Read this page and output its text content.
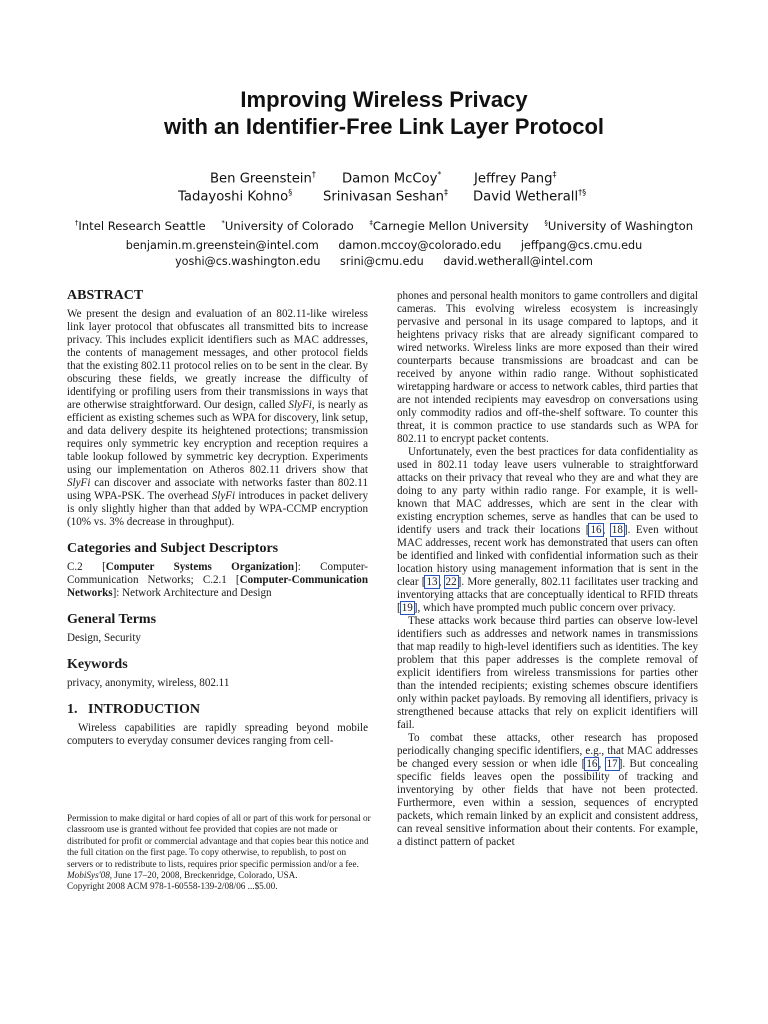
Improving Wireless Privacy
with an Identifier-Free Link Layer Protocol
Ben Greenstein† Damon McCoy* Jeffrey Pang‡
Tadayoshi Kohno§ Srinivasan Seshan‡ David Wetherall†§
†Intel Research Seattle *University of Colorado ‡Carnegie Mellon University §University of Washington
benjamin.m.greenstein@intel.com damon.mccoy@colorado.edu jeffpang@cs.cmu.edu
yoshi@cs.washington.edu srini@cmu.edu david.wetherall@intel.com
ABSTRACT

We present the design and evaluation of an 802.11-like wireless link layer protocol that obfuscates all transmitted bits to increase privacy. This includes explicit identifiers such as MAC addresses, the contents of management messages, and other protocol fields that the existing 802.11 protocol relies on to be sent in the clear. By obscuring these fields, we greatly increase the difficulty of identifying or profiling users from their transmissions in ways that are otherwise straightforward. Our design, called SlyFi, is nearly as efficient as existing schemes such as WPA for discovery, link setup, and data delivery despite its heightened protections; transmission requires only symmetric key encryption and reception requires a table lookup followed by symmetric key decryption. Experiments using our implementation on Atheros 802.11 drivers show that SlyFi can discover and associate with networks faster than 802.11 using WPA-PSK. The overhead SlyFi introduces in packet delivery is only slightly higher than that added by WPA-CCMP encryption (10% vs. 3% decrease in throughput).

Categories and Subject Descriptors

C.2 [Computer Systems Organization]: Computer-Communication Networks; C.2.1 [Computer-Communication Networks]: Network Architecture and Design

General Terms

Design, Security

Keywords

privacy, anonymity, wireless, 802.11

1.   INTRODUCTION

Wireless capabilities are rapidly spreading beyond mobile computers to everyday consumer devices ranging from cell-

Permission to make digital or hard copies of all or part of this work for personal or classroom use is granted without fee provided that copies are not made or distributed for profit or commercial advantage and that copies bear this notice and the full citation on the first page. To copy otherwise, to republish, to post on servers or to redistribute to lists, requires prior specific permission and/or a fee.

MobiSys'08, June 17–20, 2008, Breckenridge, Colorado, USA.

Copyright 2008 ACM 978-1-60558-139-2/08/06 ...$5.00.

phones and personal health monitors to game controllers and digital cameras. This evolving wireless ecosystem is increasingly pervasive and personal in its usage compared to laptops, and it heightens privacy risks that are already significant compared to wired networks. Wireless links are more exposed than their wired counterparts because transmissions are broadcast and can be received by anyone within radio range. Without sophisticated wiretapping hardware or access to network cables, third parties that are not intended recipients may eavesdrop on conversations using only commodity radios and off-the-shelf software. To counter this threat, it is common practice to use standards such as WPA for 802.11 to encrypt packet contents.

Unfortunately, even the best practices for data confidentiality as used in 802.11 today leave users vulnerable to straightforward attacks on their privacy that reveal who they are and what they are doing to any party within radio range. For example, it is well-known that MAC addresses, which are sent in the clear with existing encryption schemes, serve as handles that can be used to identify users and track their locations [16, 18]. Even without MAC addresses, recent work has demonstrated that users can often be identified and linked with confidential information such as their location history using management information that is sent in the clear [13, 22]. More generally, 802.11 facilitates user tracking and inventorying attacks that are conceptually identical to RFID threats [19], which have prompted much public concern over privacy.

These attacks work because third parties can observe low-level identifiers such as addresses and network names in transmissions that map readily to high-level identifiers such as identities. The key problem that this paper addresses is the complete removal of explicit identifiers from wireless transmissions for parties other than the intended recipients; existing schemes obscure identifiers only within packet payloads. By removing all identifiers, privacy is strengthened because attacks that rely on explicit identifiers will fail.

To combat these attacks, other research has proposed periodically changing specific identifiers, e.g., that MAC addresses be changed every session or when idle [16, 17]. But concealing specific fields leaves open the possibility of tracking and inventorying by other fields that have not been protected. Furthermore, even within a session, sequences of encrypted packets, which remain linked by an explicit and consistent address, can reveal sensitive information about their contents. For example, a distinct pattern of packet
